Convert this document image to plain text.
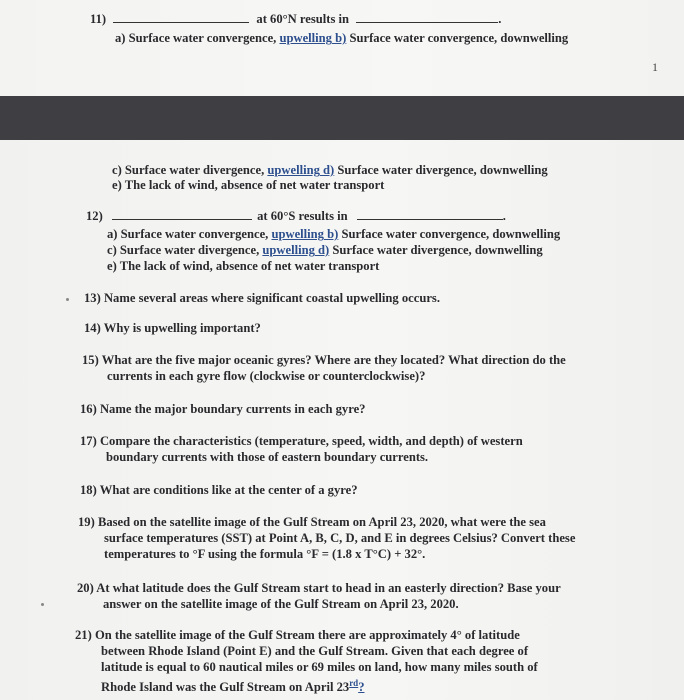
11)	at 60°N results in	.
a) Surface water convergence, upwelling b) Surface water convergence, downwelling
1
c) Surface water divergence, upwelling d) Surface water divergence, downwelling
e) The lack of wind, absence of net water transport
12)	at 60°S results in	.
a) Surface water convergence, upwelling b) Surface water convergence, downwelling
c) Surface water divergence, upwelling d) Surface water divergence, downwelling
e) The lack of wind, absence of net water transport
13) Name several areas where significant coastal upwelling occurs.
14) Why is upwelling important?
15) What are the five major oceanic gyres? Where are they located? What direction do the
currents in each gyre flow (clockwise or counterclockwise)?
16) Name the major boundary currents in each gyre?
17) Compare the characteristics (temperature, speed, width, and depth) of western
boundary currents with those of eastern boundary currents.
18) What are conditions like at the center of a gyre?
19) Based on the satellite image of the Gulf Stream on April 23, 2020, what were the sea
surface temperatures (SST) at Point A, B, C, D, and E in degrees Celsius? Convert these
temperatures to °F using the formula °F = (1.8 x T°C) + 32°.
20) At what latitude does the Gulf Stream start to head in an easterly direction? Base your
answer on the satellite image of the Gulf Stream on April 23, 2020.
21) On the satellite image of the Gulf Stream there are approximately 4° of latitude
between Rhode Island (Point E) and the Gulf Stream. Given that each degree of
latitude is equal to 60 nautical miles or 69 miles on land, how many miles south of
Rhode Island was the Gulf Stream on April 23rd?
